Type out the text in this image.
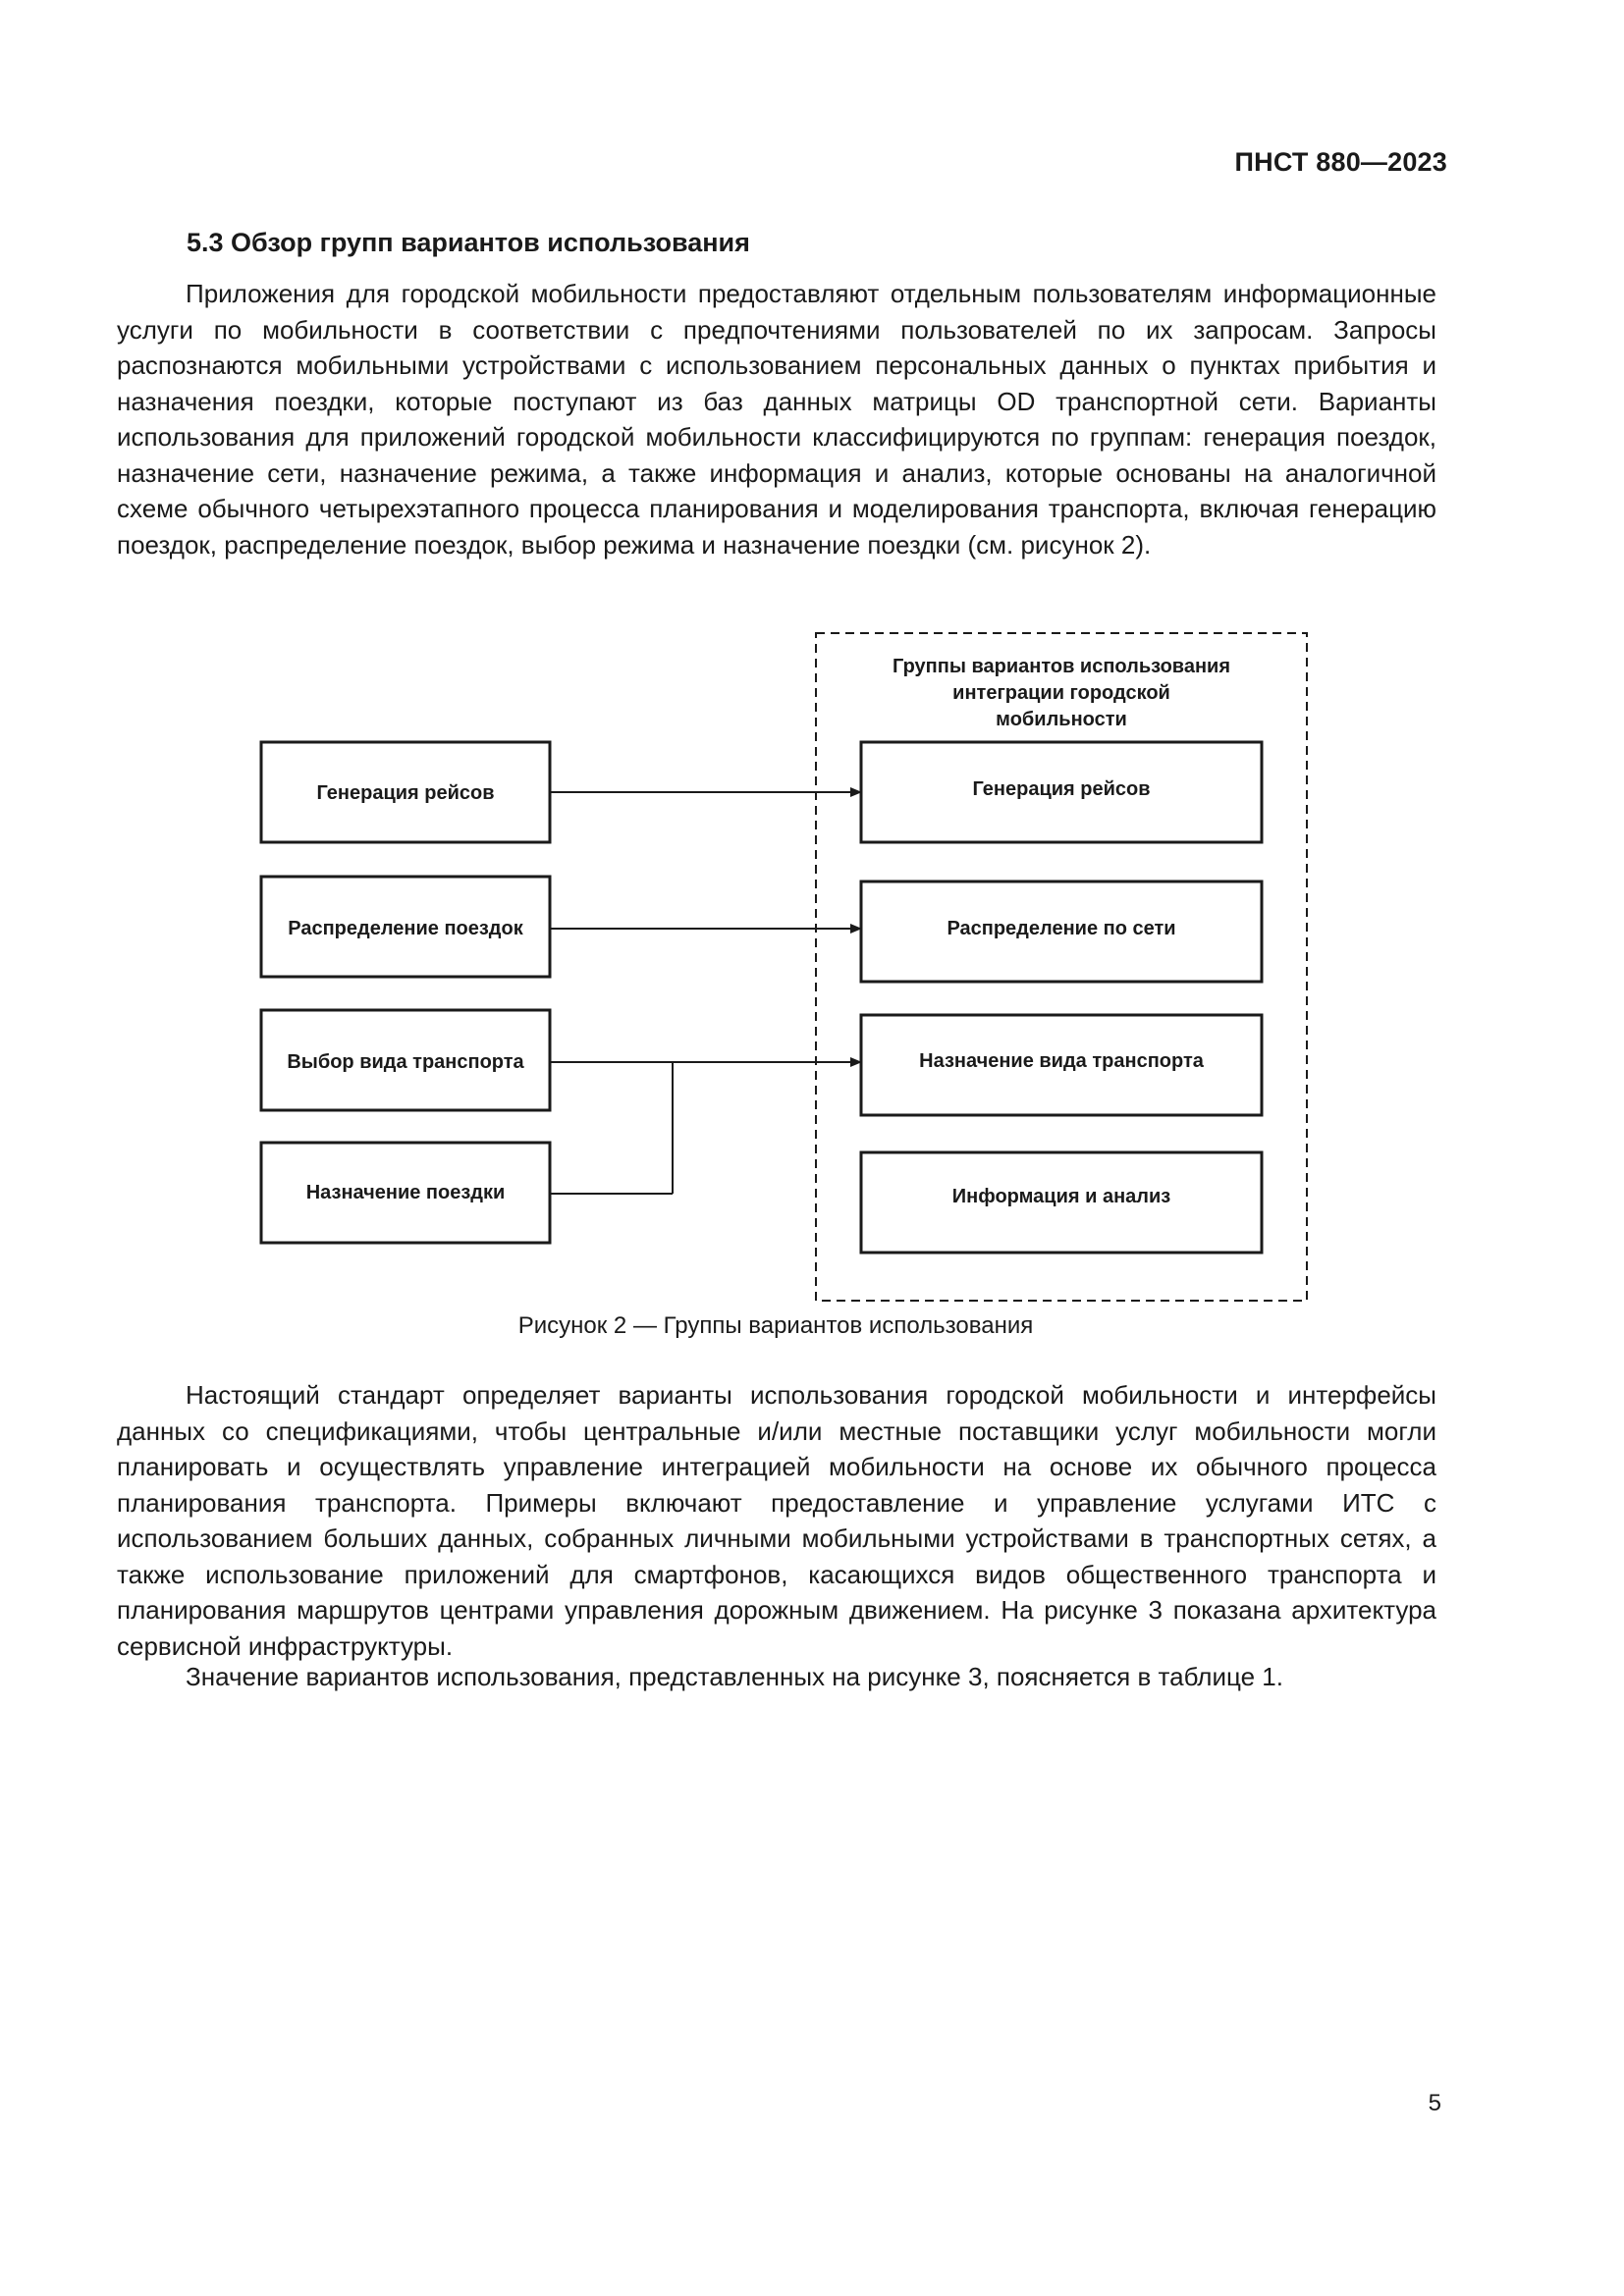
ПНСТ 880—2023
5.3 Обзор групп вариантов использования

Приложения для городской мобильности предоставляют отдельным пользователям информационные услуги по мобильности в соответствии с предпочтениями пользователей по их запросам. Запросы распознаются мобильными устройствами с использованием персональных данных о пунктах прибытия и назначения поездки, которые поступают из баз данных матрицы OD транспортной сети. Варианты использования для приложений городской мобильности классифицируются по группам: генерация поездок, назначение сети, назначение режима, а также информация и анализ, которые основаны на аналогичной схеме обычного четырехэтапного процесса планирования и моделирования транспорта, включая генерацию поездок, распределение поездок, выбор режима и назначение поездки (см. рисунок 2).

Группы вариантов использования
интеграции городской
мобильности
Генерация рейсов
Распределение поездок
Выбор вида транспорта
Назначение поездки
Генерация рейсов
Распределение по сети
Назначение вида транспорта
Информация и анализ
Рисунок 2 — Группы вариантов использования

Настоящий стандарт определяет варианты использования городской мобильности и интерфейсы данных со спецификациями, чтобы центральные и/или местные поставщики услуг мобильности могли планировать и осуществлять управление интеграцией мобильности на основе их обычного процесса планирования транспорта. Примеры включают предоставление и управление услугами ИТС с использованием больших данных, собранных личными мобильными устройствами в транспортных сетях, а также использование приложений для смартфонов, касающихся видов общественного транспорта и планирования маршрутов центрами управления дорожным движением. На рисунке 3 показана архитектура сервисной инфраструктуры.

Значение вариантов использования, представленных на рисунке 3, поясняется в таблице 1.

5
